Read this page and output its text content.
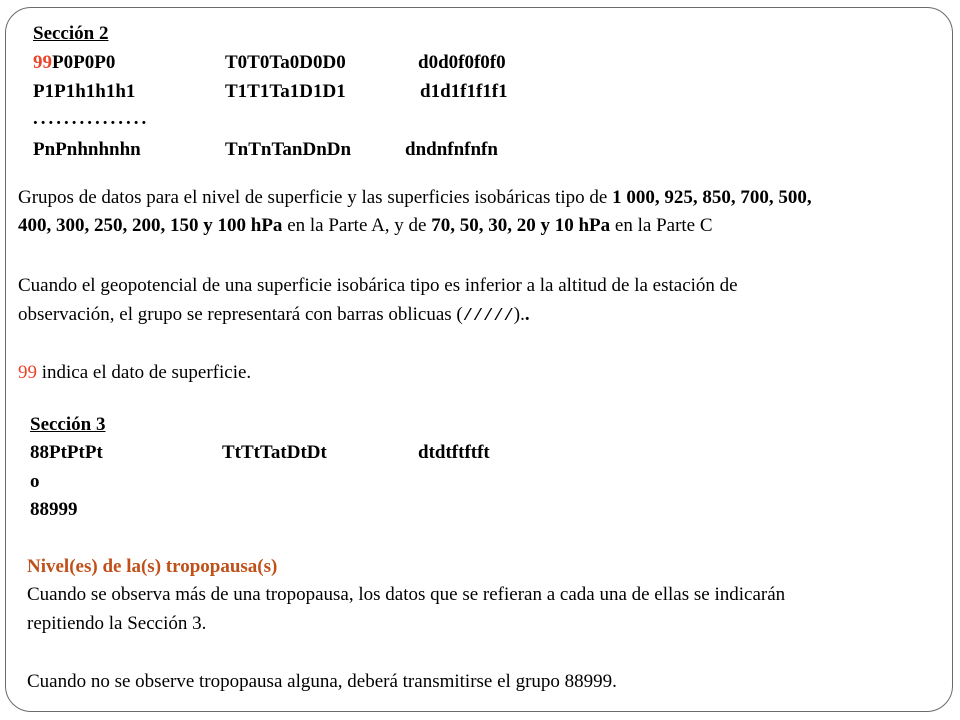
Sección 2
99P0P0P0	T0T0Ta0D0D0	d0d0f0f0f0
P1P1h1h1h1	T1T1Ta1D1D1	d1d1f1f1f1
...............
PnPnhnhnhn	TnTnTanDnDn	dndnfnfnfn
Grupos de datos para el nivel de superficie y las superficies isobáricas tipo de 1 000, 925, 850, 700, 500,
400, 300, 250, 200, 150 y 100 hPa en la Parte A, y de 70, 50, 30, 20 y 10 hPa en la Parte C
Cuando el geopotencial de una superficie isobárica tipo es inferior a la altitud de la estación de
observación, el grupo se representará con barras oblicuas (/////)..
99 indica el dato de superficie.
Sección 3
88PtPtPt	TtTtTatDtDt	dtdtftftft
o
88999
Nivel(es) de la(s) tropopausa(s)
Cuando se observa más de una tropopausa, los datos que se refieran a cada una de ellas se indicarán
repitiendo la Sección 3.
Cuando no se observe tropopausa alguna, deberá transmitirse el grupo 88999.
